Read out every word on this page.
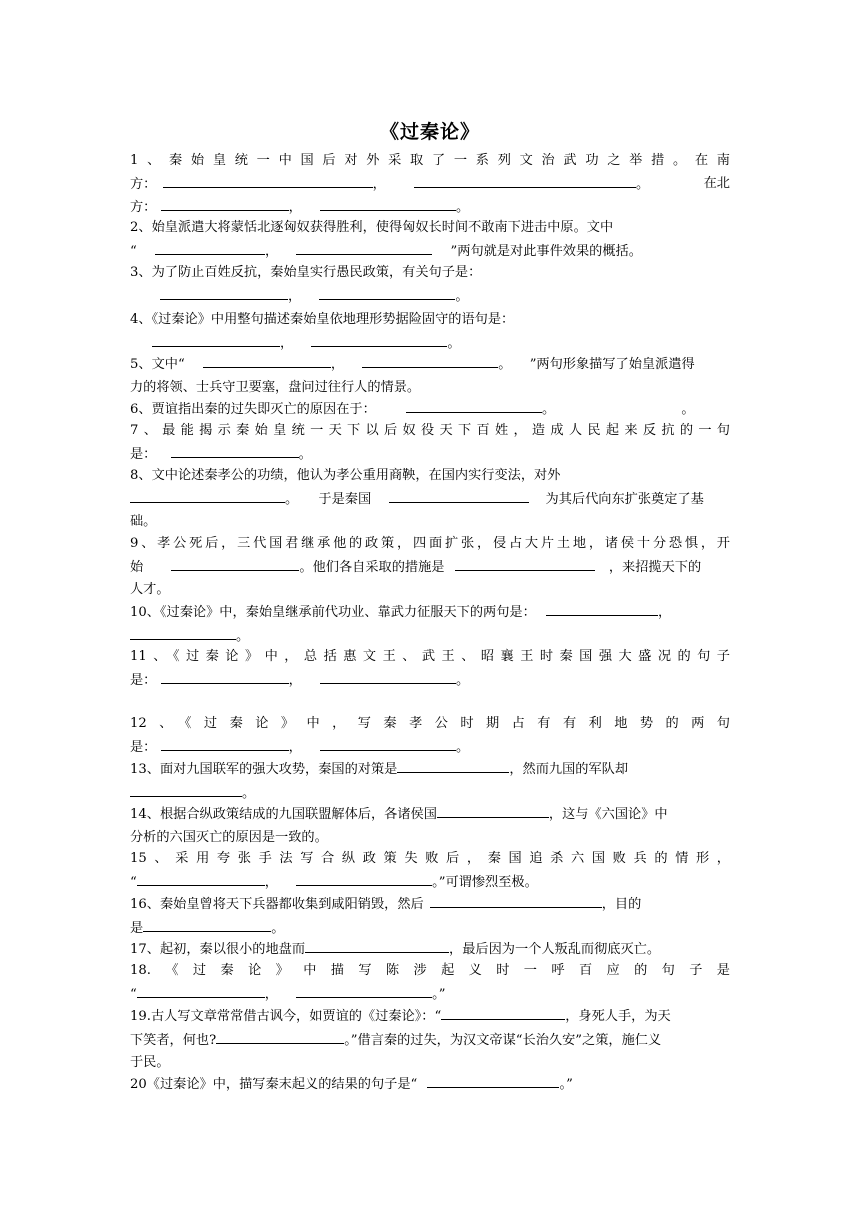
《过秦论》

1、秦始皇统一中国后对外采取了一系列文治武功之举措。在南

方：	，	。	在北

方：	，	。

2、始皇派遣大将蒙恬北逐匈奴获得胜利，使得匈奴长时间不敢南下进击中原。文中

“	，	”两句就是对此事件效果的概括。

3、为了防止百姓反抗，秦始皇实行愚民政策，有关句子是：

，	。

4、《过秦论》中用整句描述秦始皇依地理形势据险固守的语句是：

，	。

5、文中“	，	。 ”两句形象描写了始皇派遣得

力的将领、士兵守卫要塞，盘问过往行人的情景。

6、贾谊指出秦的过失即灭亡的原因在于：	。	。

7、最能揭示秦始皇统一天下以后奴役天下百姓，造成人民起来反抗的一句

是：	。

8、文中论述秦孝公的功绩，他认为孝公重用商鞅，在国内实行变法，对外

。 于是秦国	为其后代向东扩张奠定了基

础。

9、孝公死后，三代国君继承他的政策，四面扩张，侵占大片土地，诸侯十分恐惧，开

始	。他们各自采取的措施是	，来招揽天下的

人才。

10、《过秦论》中，秦始皇继承前代功业、靠武力征服天下的两句是：	，

。

11、《过秦论》中，总括惠文王、武王、昭襄王时秦国强大盛况的句子

是：	，	。

12、《过秦论》中，写秦孝公时期占有有利地势的两句

是：	，	。

13、面对九国联军的强大攻势，秦国的对策是	，然而九国的军队却

。

14、根据合纵政策结成的九国联盟解体后，各诸侯国	，这与《六国论》中

分析的六国灭亡的原因是一致的。

15、采用夸张手法写合纵政策失败后，秦国追杀六国败兵的情形，

“	，	。”可谓惨烈至极。

16、秦始皇曾将天下兵器都收集到咸阳销毁，然后	，目的

是	。

17、起初，秦以很小的地盘而	，最后因为一个人叛乱而彻底灭亡。

18.《过秦论》中描写陈涉起义时一呼百应的句子是

“	，	。”

19.古人写文章常常借古讽今，如贾谊的《过秦论》：“	，身死人手，为天

下笑者，何也?	。”借言秦的过失，为汉文帝谋“长治久安”之策，施仁义

于民。

20《过秦论》中，描写秦末起义的结果的句子是“	。”
